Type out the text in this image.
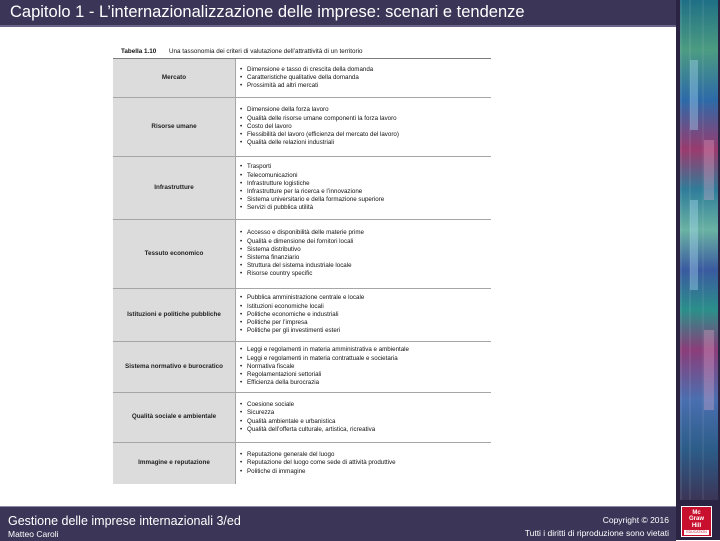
Capitolo 1 - L’internazionalizzazione delle imprese: scenari e tendenze
Tabella 1.10	Una tassonomia dei criteri di valutazione dell’attrattività di un territorio
Mercato
• Dimensione e tasso di crescita della domanda
• Caratteristiche qualitative della domanda
• Prossimità ad altri mercati
Risorse umane
• Dimensione della forza lavoro
• Qualità delle risorse umane componenti la forza lavoro
• Costo del lavoro
• Flessibilità del lavoro (efficienza del mercato del lavoro)
• Qualità delle relazioni industriali
Infrastrutture
• Trasporti
• Telecomunicazioni
• Infrastrutture logistiche
• Infrastrutture per la ricerca e l’innovazione
• Sistema universitario e della formazione superiore
• Servizi di pubblica utilità
Tessuto economico
• Accesso e disponibilità delle materie prime
• Qualità e dimensione dei fornitori locali
• Sistema distributivo
• Sistema finanziario
• Struttura del sistema industriale locale
• Risorse country specific
Istituzioni e politiche pubbliche
• Pubblica amministrazione centrale e locale
• Istituzioni economiche locali
• Politiche economiche e industriali
• Politiche per l’impresa
• Politiche per gli investimenti esteri
Sistema normativo e burocratico
• Leggi e regolamenti in materia amministrativa e ambientale
• Leggi e regolamenti in materia contrattuale e societaria
• Normativa fiscale
• Regolamentazioni settoriali
• Efficienza della burocrazia
Qualità sociale e ambientale
• Coesione sociale
• Sicurezza
• Qualità ambientale e urbanistica
• Qualità dell’offerta culturale, artistica, ricreativa
Immagine e reputazione
• Reputazione generale del luogo
• Reputazione del luogo come sede di attività produttive
• Politiche di immagine
Gestione delle imprese internazionali 3/ed
Matteo Caroli
Copyright © 2016
Tutti i diritti di riproduzione sono vietati
Mc
Graw
Hill
EDUCATION
